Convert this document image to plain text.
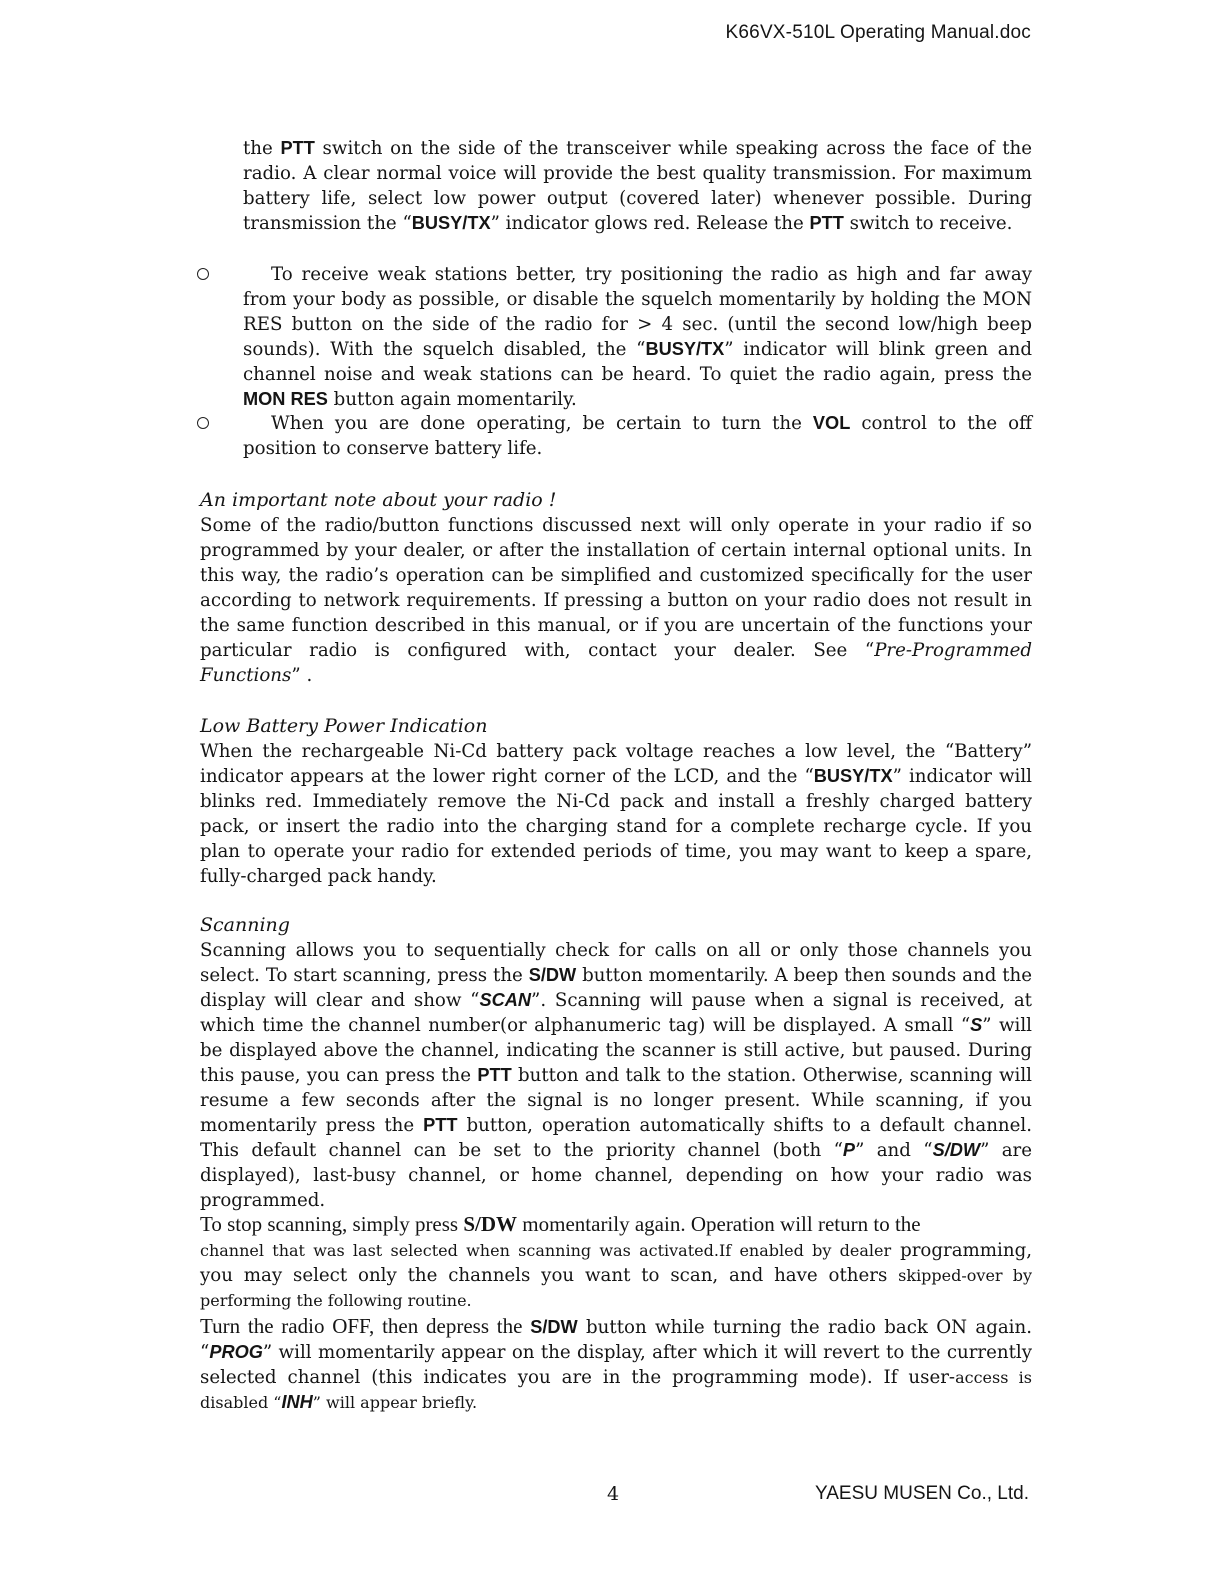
K66VX-510L Operating Manual.doc

the PTT switch on the side of the transceiver while speaking across the face of the radio. A clear normal voice will provide the best quality transmission. For maximum battery life, select low power output (covered later) whenever possible. During transmission the “BUSY/TX” indicator glows red. Release the PTT switch to receive.

To receive weak stations better, try positioning the radio as high and far away from your body as possible, or disable the squelch momentarily by holding the MON RES button on the side of the radio for > 4 sec. (until the second low/high beep sounds). With the squelch disabled, the “BUSY/TX” indicator will blink green and channel noise and weak stations can be heard. To quiet the radio again, press the MON RES button again momentarily.
When you are done operating, be certain to turn the VOL control to the off position to conserve battery life.
An important note about your radio !

Some of the radio/button functions discussed next will only operate in your radio if so programmed by your dealer, or after the installation of certain internal optional units. In this way, the radio’s operation can be simplified and customized specifically for the user according to network requirements. If pressing a button on your radio does not result in the same function described in this manual, or if you are uncertain of the functions your particular radio is configured with, contact your dealer. See “Pre-Programmed Functions” .

Low Battery Power Indication

When the rechargeable Ni-Cd battery pack voltage reaches a low level, the “Battery” indicator appears at the lower right corner of the LCD, and the “BUSY/TX” indicator will blinks red. Immediately remove the Ni-Cd pack and install a freshly charged battery pack, or insert the radio into the charging stand for a complete recharge cycle. If you plan to operate your radio for extended periods of time, you may want to keep a spare, fully-charged pack handy.

Scanning

Scanning allows you to sequentially check for calls on all or only those channels you select. To start scanning, press the S/DW button momentarily. A beep then sounds and the display will clear and show “SCAN”. Scanning will pause when a signal is received, at which time the channel number(or alphanumeric tag) will be displayed. A small “S” will be displayed above the channel, indicating the scanner is still active, but paused. During this pause, you can press the PTT button and talk to the station. Otherwise, scanning will resume a few seconds after the signal is no longer present. While scanning, if you momentarily press the PTT button, operation automatically shifts to a default channel. This default channel can be set to the priority channel (both “P” and “S/DW” are displayed), last-busy channel, or home channel, depending on how your radio was programmed.

To stop scanning, simply press S/DW momentarily again. Operation will return to the
channel that was last selected when scanning was activated.If enabled by dealer programming, you may select only the channels you want to scan, and have others skipped-over by performing the following routine.

Turn the radio OFF, then depress the S/DW button while turning the radio back ON again. “PROG” will momentarily appear on the display, after which it will revert to the currently selected channel (this indicates you are in the programming mode). If user-access is disabled “INH” will appear briefly.

4	YAESU MUSEN Co., Ltd.
